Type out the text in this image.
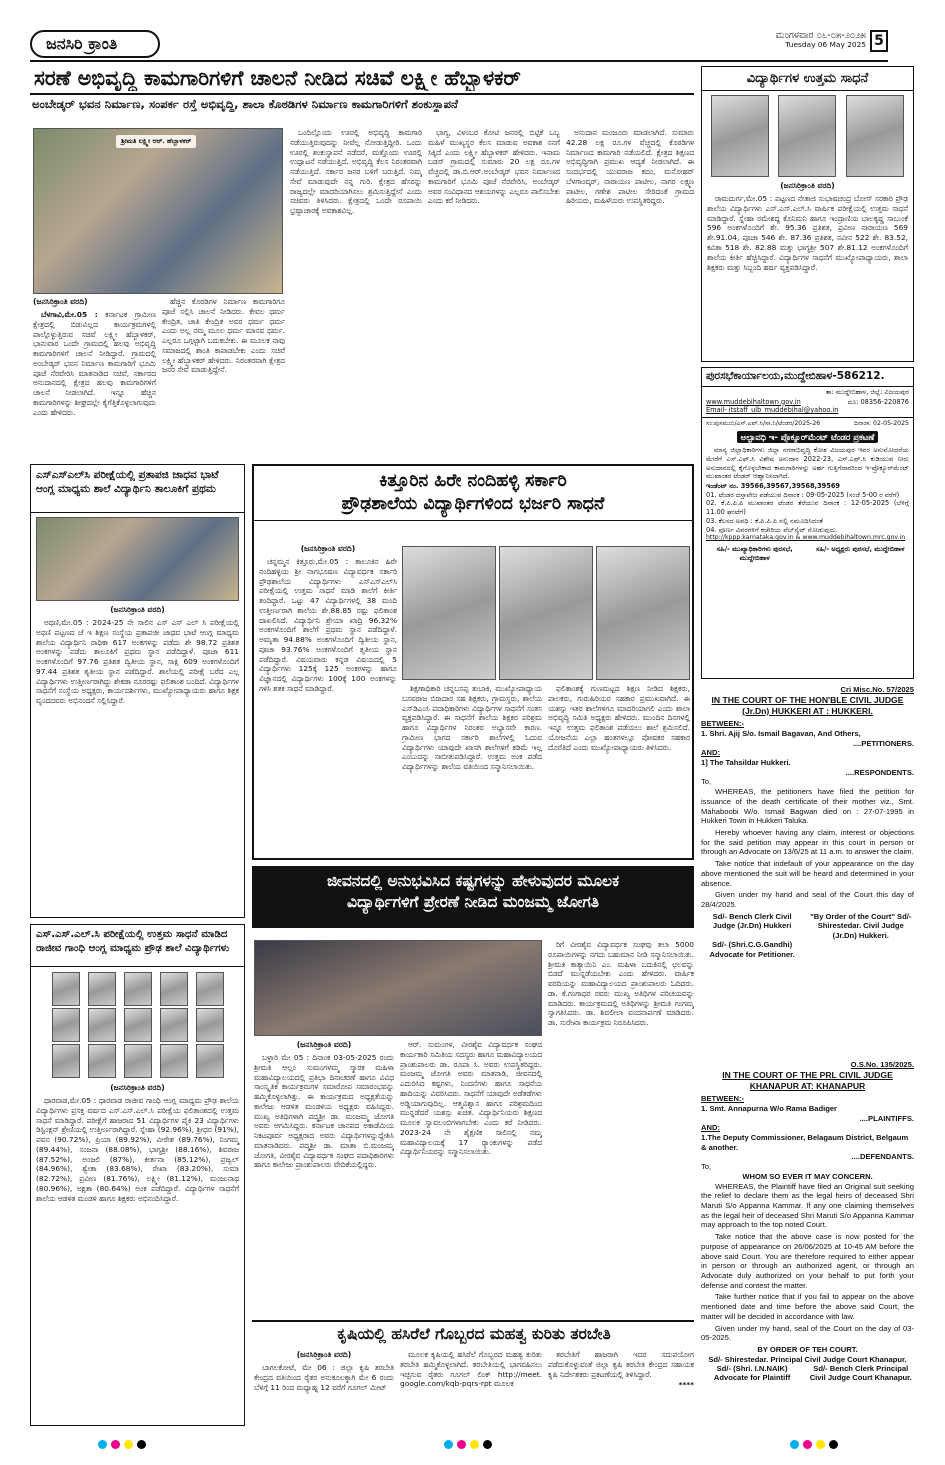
ಜನಸಿರಿ ಕ್ರಾಂತಿ	ಮಂಗಳವಾರ ೦೬-೦೫-೨೦೨೫
Tuesday 06 May 2025 5
ಸರಣೆ ಅಭಿವೃದ್ಧಿ ಕಾಮಗಾರಿಗಳಿಗೆ ಚಾಲನೆ ನೀಡಿದ ಸಚಿವೆ ಲಕ್ಷ್ಮೀ ಹೆಬ್ಬಾಳಕರ್
ಅಂಬೇಡ್ಕರ್ ಭವನ ನಿರ್ಮಾಣ, ಸಂಪರ್ಕ ರಸ್ತೆ ಅಭಿವೃದ್ಧಿ, ಶಾಲಾ ಕೊಠಡಿಗಳ ನಿರ್ಮಾಣ ಕಾಮಗಾರಿಗಳಿಗೆ ಶಂಕುಸ್ಥಾಪನೆ
ಶ್ರೀಮತಿ ಲಕ್ಷ್ಮೀ ಆರ್. ಹೆಬ್ಬಾಳಕರ್
(ಜನಸಿರಿಕ್ರಾಂತಿ ವರದಿ)

ಬೆಳಗಾವಿ,ಮೇ.05 : ಕರ್ನಾಟಕ ಗ್ರಾಮೀಣ ಕ್ಷೇತ್ರದಲ್ಲಿ ಬಿಡುವಿಲ್ಲದ ಕಾರ್ಯಕ್ರಮಗಳಲ್ಲಿ ಪಾಲ್ಗೊಳ್ಳುತ್ತಿರುವ ಸಚಿವೆ ಲಕ್ಷ್ಮೀ ಹೆಬ್ಬಾಳಕರ್, ಭಾನುವಾರ ಒಂದೇ ಗ್ರಾಮದಲ್ಲಿ ಹಲವು ಅಭಿವೃದ್ಧಿ ಕಾಮಗಾರಿಗಳಿಗೆ ಚಾಲನೆ ನೀಡಿದ್ದಾರೆ. ಗ್ರಾಮದಲ್ಲಿ ಅಂಬೇಡ್ಕರ್ ಭವನ ನಿರ್ಮಾಣ ಕಾಮಗಾರಿಗೆ ಭೂಮಿ ಪೂಜೆ ನೆರವೇರಿಸಿ ಮಾತನಾಡಿದ ಸಚಿವೆ, ಸರ್ಕಾರದ ಅನುದಾನದಲ್ಲಿ ಕ್ಷೇತ್ರದ ಹಲವು ಕಾಮಗಾರಿಗಳಿಗೆ ಚಾಲನೆ ನೀಡಲಾಗಿದೆ. ಇನ್ನೂ ಹೆಚ್ಚಿನ ಕಾಮಗಾರಿಗಳನ್ನು ಶೀಘ್ರದಲ್ಲೇ ಕೈಗೆತ್ತಿಕೊಳ್ಳಲಾಗುವುದು ಎಂದು ಹೇಳಿದರು.

ಹೆಚ್ಚಿನ ಕೊಠಡಿಗಳ ನಿರ್ಮಾಣ ಕಾಮಗಾರಿಗೂ ಪೂಜೆ ಸಲ್ಲಿಸಿ ಚಾಲನೆ ನೀಡಿದರು. ಕೇವಲ ಧರ್ಮ ಕೇಂದ್ರಿತ, ಜಾತಿ ಕೇಂದ್ರಿತ ಅವರ ಧರ್ಮ ಧರ್ಮ ಎಂದು ಅಲ್ಲ ನಮ್ಮ ಮೂಲ ಧರ್ಮ ಮಾನವ ಧರ್ಮ. ಎಲ್ಲರೂ ಒಗ್ಗಟ್ಟಾಗಿ ಬದುಕಬೇಕು. ಈ ಮೂಲಕ ನಾವು ಸಮಾಜದಲ್ಲಿ ಶಾಂತಿ ಕಾಪಾಡಬೇಕು ಎಂದು ಸಚಿವೆ ಲಕ್ಷ್ಮೀ ಹೆಬ್ಬಾಳಕರ್ ಹೇಳಿದರು. ನಿರಂತರವಾಗಿ ಕ್ಷೇತ್ರದ ಜನರ ಸೇವೆ ಮಾಡುತ್ತಿದ್ದೇನೆ.

ಒಂದಿಲ್ಲೊಂದು ಊರಲ್ಲಿ ಅಭಿವೃದ್ಧಿ ಕಾಮಗಾರಿ ನಡೆಯುತ್ತಿರುವುದನ್ನು ನೀವೆಲ್ಲ ನೋಡುತ್ತಿದ್ದೀರಿ. ಒಂದು ಊರಲ್ಲಿ ಶಂಕುಸ್ಥಾಪನೆ ನಡೆದರೆ, ಮತ್ತೊಂದು ಊರಲ್ಲಿ ಉದ್ಘಾಟನೆ ನಡೆಯುತ್ತಿದೆ. ಅಭಿವೃದ್ಧಿ ಕೆಲಸ ನಿರಂತರವಾಗಿ ನಡೆಯುತ್ತಿದೆ. ಸರ್ಕಾರ ಜನರ ಬಳಿಗೆ ಬರುತ್ತಿದೆ. ನಿಮ್ಮ ಸೇವೆ ಮಾಡುವುದೇ ನನ್ನ ಗುರಿ. ಕ್ಷೇತ್ರದ ಹೆಸರನ್ನು ರಾಜ್ಯದಲ್ಲೇ ಮಾದರಿಯಾಗಿಸಲು ಶ್ರಮಿಸುತ್ತಿದ್ದೇನೆ ಎಂದು ಸಚಿವರು ತಿಳಿಸಿದರು. ಕ್ಷೇತ್ರದಲ್ಲಿ ಒಂದೇ ರೂಪಾಯಿ ಭ್ರಷ್ಟಾಚಾರಕ್ಕೆ ಅವಕಾಶವಿಲ್ಲ.

ಭಾಗ್ಯ, ವಿಳಂಬರ ಕೋಟಿ ಜನರಲ್ಲಿ ಬಿಟ್ಟಿಕೆ ಒಬ್ಬ ಮಹಿಳೆ ಮುಖ್ಯಸ್ಥರ ಕೆಲಸ ಮಾಡುವ ಅವಕಾಶ ನನಗೆ ಸಿಕ್ಕಿದೆ ಎಂದು ಲಕ್ಷ್ಮೀ ಹೆಬ್ಬಾಳಕರ್ ಹೇಳಿದರು. ಇನಾಮ ಬಡಸ್ ಗ್ರಾಮದಲ್ಲಿ ಸುಮಾರು 20 ಲಕ್ಷ ರೂ.ಗಳ ವೆಚ್ಚದಲ್ಲಿ ಡಾ.ಬಿ.ಆರ್.ಅಂಬೇಡ್ಕರ್ ಭವನ ನಿರ್ಮಾಣದ ಕಾಮಗಾರಿಗೆ ಭೂಮಿ ಪೂಜೆ ನೆರವೇರಿಸಿ, ಅಂಬೇಡ್ಕರ್ ಅವರ ಸಂವಿಧಾನದ ಆಶಯಗಳನ್ನು ಎಲ್ಲರೂ ಪಾಲಿಸಬೇಕು ಎಂದು ಕರೆ ನೀಡಿದರು.

ಅನುದಾನ ಮಂಜೂರು ಮಾಡಲಾಗಿದೆ. ಸುಮಾರು 42.28 ಲಕ್ಷ ರೂ.ಗಳ ವೆಚ್ಚದಲ್ಲಿ ಕೊಠಡಿಗಳ ನಿರ್ಮಾಣದ ಕಾಮಗಾರಿ ನಡೆಯಲಿದೆ. ಕ್ಷೇತ್ರದ ಶಿಕ್ಷಣದ ಅಭಿವೃದ್ಧಿಗಾಗಿ ಪ್ರಮುಖ ಆದ್ಯತೆ ನೀಡಲಾಗಿದೆ. ಈ ಸಂದರ್ಭದಲ್ಲಿ ಯುವರಾಜ ಕದಂ, ಮನೋಹರ್ ಬೆಳಗಾಂವ್ಕರ್, ನಾರಾಯಣ ಪಾಟೀಲ, ನಾಗರ ಲಕ್ಷ್ಮಣ ಪಾಟೀಲ, ಗಣೇಶ ಪಾಟೀಲ ಸೇರಿದಂತೆ ಗ್ರಾಮದ ಹಿರಿಯರು, ಮಹಿಳೆಯರು ಉಪಸ್ಥಿತರಿದ್ದರು.

ವಿದ್ಯಾರ್ಥಿಗಳ ಉತ್ತಮ ಸಾಧನೆ
(ಜನಸಿರಿಕ್ರಾಂತಿ ವರದಿ)

ರಾಮದುರ್ಗ,ಮೇ.05 : ಪಟ್ಟಣದ ನೇತಾಜಿ ಸುಭಾಷಚಂದ್ರ ಬೋಸ್ ಸರಕಾರಿ ಪ್ರೌಢ ಶಾಲೆಯ ವಿದ್ಯಾರ್ಥಿಗಳು ಎಸ್.ಎಸ್.ಎಲ್.ಸಿ ವಾರ್ಷಿಕ ಪರೀಕ್ಷೆಯಲ್ಲಿ ಉತ್ತಮ ಸಾಧನೆ ಮಾಡಿದ್ದಾರೆ. ಸ್ನೇಹಾ ರಮೇಶದ್ದ ಕೊನಿಮನಿ ಹಾಗೂ ಇಂದ್ರಾಣಿಯ ಬಾಲಕೃಷ್ಣ ಸಾಬುಂಕೆ 596 ಅಂಕಗಳೊಂದಿಗೆ ಶೇ. 95.36 ಪ್ರತಿಶತ, ಪ್ರವೀಣ ನಾರಾಯಣ 569 ಶೇ.91.04, ಪೂಜಾ 546 ಶೇ. 87.36 ಪ್ರತಿಶತ, ನವೀನ 522 ಶೇ. 83.52, ಕವಿತಾ 518 ಶೇ. 82.88 ಮತ್ತು ಭಾಗ್ಯಶ್ರೀ 507 ಶೇ.81.12 ಅಂಕಗಳೊಂದಿಗೆ ಶಾಲೆಯ ಕೀರ್ತಿ ಹೆಚ್ಚಿಸಿದ್ದಾರೆ. ವಿದ್ಯಾರ್ಥಿಗಳ ಸಾಧನೆಗೆ ಮುಖ್ಯೋಪಾಧ್ಯಾಯರು, ಶಾಲಾ ಶಿಕ್ಷಕರು ಮತ್ತು ಸಿಬ್ಬಂದಿ ಹರ್ಷ ವ್ಯಕ್ತಪಡಿಸಿದ್ದಾರೆ.

ಪುರಸಭೆಕಾರ್ಯಾಲಯ,ಮುದ್ದೇಬಿಹಾಳ-586212.
ತಾ: ಮುದ್ದೇಬಿಹಾಳ, ಜಿಲ್ಲೆ: ವಿಜಯಪುರ
www.muddebihaltown.gov.in	ದೂ: 08356-220876
Email- itstaff_ulb_muddebihal@yahoo.in
ಸಂ:ಪುಸಮುಬಿ/ಎಸ್.ಎಪ್.ಸಿ/ಸಾ.ನಿ/ಟೆಂಡರ/2025-26	ದಿನಾಂಕ: 02-05-2025
ಅಲ್ಪಾವಧಿ ಇ- ಪ್ರೊಕ್ಯೂರ್‌ಮೆಂಟ್ ಟೆಂಡರ ಪ್ರಕಟಣೆ

ಮಾನ್ಯ ಜಿಲ್ಲಾಧಿಕಾರಿಗಳು ಜಿಲ್ಲಾ ನಗರಾಭಿವೃದ್ಧಿ ಕೋಶ ವಿಜಯಪುರ ಇವರ ಅನುಮೋದನೆಯ ಮೇರೆಗೆ ಎಸ್.ಎಫ್.ಸಿ ವಿಶೇಷ ಅನುದಾನ 2022-23, ಎಸ್.ಎಫ್.ಸಿ ಕುಡಿಯುವ ನೀರು ಅನುದಾನದಲ್ಲಿ ಕೈಗೊಳ್ಳಬೇಕಾದ ಕಾಮಗಾರಿಗಳನ್ನು ಅರ್ಹ ಗುತ್ತಿಗೆದಾರರಿಂದ ಇ-ಪ್ರೊಕ್ಯೂರ್‌ಮೆಂಟ್ ಮುಖಾಂತರ ಟೆಂಡರ್ ಆಹ್ವಾನಿಸಲಾಗಿದೆ.

ಇಂಡೆಂಟ್ ನಂ. 39566,39567,39568,39569
01. ಟೆಂಡರ ದಸ್ತಾವೇಜ ಪಡೆಯುವ ದಿನಾಂಕ : 09-05-2025 (ಸಂಜೆ 5-00 ರ ವರೆಗೆ)
02. ಕೆ.ಪಿ.ಪಿ.ಪಿ ಮುಖಾಂತರ ಟೆಂಡರ ತೆರೆಯುವ ದಿನಾಂಕ : 12-05-2025 (ಬೆಳಿಗ್ಗೆ 11.00 ಘಂಟೆಗೆ)
03. ಕೆಲಸದ ಅವಧಿ : ಕೆ.ಪಿ.ಪಿ.ಪಿ ನಲ್ಲಿ ನಮೂದಿಸಿದಂತೆ
04. ಪೂರ್ಣ ವಿವರಗಳಿಗೆ ಕಚೇರಿಯ ವೆಬ್‌ಸೈಟ್ ನೋಡುವುದು.
http://kppp.karnataka.gov.in & www.muddebihaltown.mrc.gov.in
ಸಹಿ/- ಮುಖ್ಯಾಧಿಕಾರಿಗಳು ಪುರಸಭೆ, ಮುದ್ದೇಬಿಹಾಳ
ಸಹಿ/- ಅಧ್ಯಕ್ಷರು ಪುರಸಭೆ, ಮುದ್ದೇಬಿಹಾಳ
ಎಸ್‌ಎಸ್‌ಎಲ್‌ಸಿ ಪರೀಕ್ಷೆಯಲ್ಲಿ ಪ್ರತಾಪಜಿ ಜಾಧವ ಭಾಟೆ ಆಂಗ್ಲ ಮಾಧ್ಯಮ ಶಾಲೆ ವಿದ್ಯಾರ್ಥಿನಿ ತಾಲೂಕಿಗೆ ಪ್ರಥಮ
(ಜನಸಿರಿಕ್ರಾಂತಿ ವರದಿ)

ಅಥಣಿ,ಮೇ.05 : 2024-25 ನೇ ಸಾಲಿನ ಎಸ್ ಎಸ್ ಎಲ್ ಸಿ ಪರೀಕ್ಷೆಯಲ್ಲಿ ಅಥಣಿ ಪಟ್ಟಣದ ಜೆ ಇ ಶಿಕ್ಷಣ ಸಂಸ್ಥೆಯ ಪ್ರತಾಪಜೀ ಜಾಧವ ಭಾಟೆ ಆಂಗ್ಲ ಮಾಧ್ಯಮ ಶಾಲೆಯ ವಿದ್ಯಾರ್ಥಿನಿ ರಾಧಿಕಾ 617 ಅಂಕಗಳನ್ನು ಪಡೆದು ಶೇ 98.72 ಪ್ರತಿಶತ ಅಂಕಗಳನ್ನು ಪಡೆದು ತಾಲೂಕಿಗೆ ಪ್ರಥಮ ಸ್ಥಾನ ಪಡೆದಿದ್ದಾಳೆ. ಪೂಜಾ 611 ಅಂಕಗಳೊಂದಿಗೆ 97.76 ಪ್ರತಿಶತ ದ್ವಿತೀಯ ಸ್ಥಾನ, ಸಾಕ್ಷಿ 609 ಅಂಕಗಳೊಂದಿಗೆ 97.44 ಪ್ರತಿಶತ ತೃತೀಯ ಸ್ಥಾನ ಪಡೆದಿದ್ದಾರೆ. ಶಾಲೆಯಲ್ಲಿ ಪರೀಕ್ಷೆ ಬರೆದ ಎಲ್ಲ ವಿದ್ಯಾರ್ಥಿಗಳು ಉತ್ತೀರ್ಣರಾಗಿದ್ದು ಶೇಕಡಾ ನೂರರಷ್ಟು ಫಲಿತಾಂಶ ಬಂದಿದೆ. ವಿದ್ಯಾರ್ಥಿಗಳ ಸಾಧನೆಗೆ ಸಂಸ್ಥೆಯ ಅಧ್ಯಕ್ಷರು, ಕಾರ್ಯದರ್ಶಿಗಳು, ಮುಖ್ಯೋಪಾಧ್ಯಾಯರು ಹಾಗೂ ಶಿಕ್ಷಕ ವೃಂದದವರು ಅಭಿನಂದನೆ ಸಲ್ಲಿಸಿದ್ದಾರೆ.

ಎಸ್.ಎಸ್.ಎಲ್.ಸಿ ಪರೀಕ್ಷೆಯಲ್ಲಿ ಉತ್ತಮ ಸಾಧನೆ ಮಾಡಿದ ರಾಜೀವ ಗಾಂಧಿ ಆಂಗ್ಲ ಮಾಧ್ಯಮ ಪ್ರೌಢ ಶಾಲೆ ವಿದ್ಯಾರ್ಥಿಗಳು

(ಜನಸಿರಿಕ್ರಾಂತಿ ವರದಿ)

ಧಾರವಾಡ,ಮೇ.05 : ಧಾರವಾಡ ರಾಜೀವ ಗಾಂಧಿ ಆಂಗ್ಲ ಮಾಧ್ಯಮ ಪ್ರೌಢ ಶಾಲೆಯ ವಿದ್ಯಾರ್ಥಿಗಳು ಪ್ರಸಕ್ತ ವರ್ಷದ ಎಸ್.ಎಸ್.ಎಲ್.ಸಿ ಪರೀಕ್ಷೆಯ ಫಲಿತಾಂಶದಲ್ಲಿ ಉತ್ತಮ ಸಾಧನೆ ಮಾಡಿದ್ದಾರೆ. ಪರೀಕ್ಷೆಗೆ ಹಾಜರಾದ 51 ವಿದ್ಯಾರ್ಥಿಗಳ ಪೈಕಿ 23 ವಿದ್ಯಾರ್ಥಿಗಳು ಡಿಸ್ಟಿಂಕ್ಷನ್ ಶ್ರೇಣಿಯಲ್ಲಿ ಉತ್ತೀರ್ಣರಾಗಿದ್ದಾರೆ. ಸ್ನೇಹಾ (92.96%), ಶ್ರೀಧರ (91%), ಪವನ (90.72%), ಪ್ರಿಯಾ (89.92%), ವೀರೇಶ (89.76%), ನಿಂಗಮ್ಮ (89.44%), ಸಂಜನಾ (88.08%), ಭಾಗ್ಯಶ್ರೀ (88.16%), ಶಿವರಾಜ (87.52%), ಅಂಜಲಿ (87%), ಕೀರ್ತನಾ (85.12%), ಪ್ರಜ್ವಲ್ (84.96%), ಶ್ವೇತಾ (83.68%), ರೇಖಾ (83.20%), ಸುಮಾ (82.72%), ಪ್ರವೀಣ (81.76%), ಲಕ್ಷ್ಮೀ (81.12%), ಮಂಜುನಾಥ (80.96%), ಅಕ್ಷತಾ (80.64%) ಅಂಕ ಪಡೆದಿದ್ದಾರೆ. ವಿದ್ಯಾರ್ಥಿಗಳ ಸಾಧನೆಗೆ ಶಾಲೆಯ ಆಡಳಿತ ಮಂಡಳಿ ಹಾಗೂ ಶಿಕ್ಷಕರು ಅಭಿನಂದಿಸಿದ್ದಾರೆ.

ಕಿತ್ತೂರಿನ ಹಿರೇ ನಂದಿಹಳ್ಳಿ ಸರ್ಕಾರಿ
ಪ್ರೌಢಶಾಲೆಯ ವಿದ್ಯಾರ್ಥಿಗಳಿಂದ ಭರ್ಜರಿ ಸಾಧನೆ
(ಜನಸಿರಿಕ್ರಾಂತಿ ವರದಿ)

ಚನ್ನಮ್ಮನ ಕಿತ್ತೂರು,ಮೇ.05 : ತಾಲೂಕಿನ ಹಿರೇ ನಂದಿಹಳ್ಳಿಯ ಶ್ರೀ ನಾಗಭೂಷಣ ವಿದ್ಯಾವರ್ಧಕ ಸರ್ಕಾರಿ ಪ್ರೌಢಶಾಲೆಯ ವಿದ್ಯಾರ್ಥಿಗಳು ಎಸ್ಎಸ್ಎಲ್‌ಸಿ ಪರೀಕ್ಷೆಯಲ್ಲಿ ಉತ್ತಮ ಸಾಧನೆ ಮಾಡಿ ಶಾಲೆಗೆ ಕೀರ್ತಿ ತಂದಿದ್ದಾರೆ. ಒಟ್ಟು 47 ವಿದ್ಯಾರ್ಥಿಗಳಲ್ಲಿ 38 ಮಂದಿ ಉತ್ತೀರ್ಣರಾಗಿ ಶಾಲೆಯ ಶೇ.88.85 ರಷ್ಟು ಫಲಿತಾಂಶ ದಾಖಲಿಸಿದೆ. ವಿದ್ಯಾರ್ಥಿನಿ ಶ್ರೇಯಾ ಖಾದ್ರಿ 96.32% ಅಂಕಗಳೊಂದಿಗೆ ಶಾಲೆಗೆ ಪ್ರಥಮ ಸ್ಥಾನ ಪಡೆದಿದ್ದಾಳೆ. ಅಮೃತಾ 94.88% ಅಂಕಗಳೊಂದಿಗೆ ದ್ವಿತೀಯ ಸ್ಥಾನ, ಪೂಜಾ 93.76% ಅಂಕಗಳೊಂದಿಗೆ ತೃತೀಯ ಸ್ಥಾನ ಪಡೆದಿದ್ದಾರೆ. ವಿಷಯವಾರು ಕನ್ನಡ ವಿಷಯದಲ್ಲಿ 5 ವಿದ್ಯಾರ್ಥಿಗಳು 125ಕ್ಕೆ 125 ಅಂಕಗಳನ್ನು ಹಾಗೂ ವಿಜ್ಞಾನದಲ್ಲಿ ವಿದ್ಯಾರ್ಥಿಗಳು 100ಕ್ಕೆ 100 ಅಂಕಗಳನ್ನು ಗಳಿಸಿ ಶತಕ ಸಾಧನೆ ಮಾಡಿದ್ದಾರೆ.	ಶಿಕ್ಷಣಾಧಿಕಾರಿ ಚನ್ನಬಸಪ್ಪ ತುಬಾಕಿ, ಮುಖ್ಯೋಪಾಧ್ಯಾಯ ಬಸವರಾಜ ಬಿರಾದಾರ ಸಹ ಶಿಕ್ಷಕರು, ಗ್ರಾಮಸ್ಥರು, ಶಾಲೆಯ ಎಸ್‌ಡಿಎಂಸಿ ಪದಾಧಿಕಾರಿಗಳು ವಿದ್ಯಾರ್ಥಿಗಳ ಸಾಧನೆಗೆ ಸಂತಸ ವ್ಯಕ್ತಪಡಿಸಿದ್ದಾರೆ. ಈ ಸಾಧನೆಗೆ ಶಾಲೆಯ ಶಿಕ್ಷಕರ ಪರಿಶ್ರಮ ಹಾಗೂ ವಿದ್ಯಾರ್ಥಿಗಳ ನಿರಂತರ ಅಭ್ಯಾಸವೇ ಕಾರಣ. ಗ್ರಾಮೀಣ ಭಾಗದ ಸರ್ಕಾರಿ ಶಾಲೆಗಳಲ್ಲಿ ಓದುವ ವಿದ್ಯಾರ್ಥಿಗಳು ಯಾವುದೇ ಖಾಸಗಿ ಶಾಲೆಗಳಿಗೆ ಕಡಿಮೆ ಇಲ್ಲ ಎಂಬುದನ್ನು ಸಾಬೀತುಪಡಿಸಿದ್ದಾರೆ. ಉತ್ತಮ ಅಂಕ ಪಡೆದ ವಿದ್ಯಾರ್ಥಿಗಳನ್ನು ಶಾಲೆಯ ವತಿಯಿಂದ ಸನ್ಮಾನಿಸಲಾಯಿತು.

ಫಲಿತಾಂಶಕ್ಕೆ ಗುಣಮಟ್ಟದ ಶಿಕ್ಷಣ ನೀಡಿದ ಶಿಕ್ಷಕರು, ಪಾಲಕರು, ಗುರುಹಿರಿಯರ ಸಹಕಾರ ಪ್ರಮುಖವಾಗಿದೆ. ಈ ಯಶಸ್ಸು ಇತರ ಶಾಲೆಗಳಿಗೂ ಮಾದರಿಯಾಗಲಿ ಎಂದು ಶಾಲಾ ಅಭಿವೃದ್ಧಿ ಸಮಿತಿ ಅಧ್ಯಕ್ಷರು ಹೇಳಿದರು. ಮುಂದಿನ ದಿನಗಳಲ್ಲಿ ಇನ್ನೂ ಉತ್ತಮ ಫಲಿತಾಂಶ ಪಡೆಯಲು ಶಾಲೆ ಶ್ರಮಿಸಲಿದೆ. ಯೋಜನೆಯ ಎಲ್ಲಾ ಹಂತಗಳಲ್ಲೂ ಪೋಷಕರ ಸಹಕಾರ ದೊರೆತಿದೆ ಎಂದು ಮುಖ್ಯೋಪಾಧ್ಯಾಯರು ತಿಳಿಸಿದರು.

ಜೀವನದಲ್ಲಿ ಅನುಭವಿಸಿದ ಕಷ್ಟಗಳನ್ನು ಹೇಳುವುದರ ಮೂಲಕ
ವಿದ್ಯಾರ್ಥಿಗಳಿಗೆ ಪ್ರೇರಣೆ ನೀಡಿದ ಮಂಜಮ್ಮ ಜೋಗತಿ
(ಜನಸಿರಿಕ್ರಾಂತಿ ವರದಿ)

ಬಳ್ಳಾರಿ ಮೇ 05 : ದಿನಾಂಕ 03-05-2025 ರಂದು ಶ್ರೀಮತಿ ಆಲ್ಲಂ ಸುಮಂಗಳಮ್ಮ ಸ್ಮಾರಕ ಮಹಿಳಾ ಮಹಾವಿದ್ಯಾಲಯದಲ್ಲಿ ಪ್ರತಿಭಾ ದಿನಾಚರಣೆ ಹಾಗೂ ವಿವಿಧ ಸಾಂಸ್ಕೃತಿಕ ಕಾರ್ಯಕ್ರಮಗಳ ಸಮಾರೋಪ ಸಮಾರಂಭವನ್ನು ಹಮ್ಮಿಕೊಳ್ಳಲಾಗಿತ್ತು. ಈ ಕಾರ್ಯಕ್ರಮದ ಅಧ್ಯಕ್ಷತೆಯನ್ನು ಕಾಲೇಜು ಆಡಳಿತ ಮಂಡಳಿಯ ಅಧ್ಯಕ್ಷರು ವಹಿಸಿದ್ದರು. ಮುಖ್ಯ ಅತಿಥಿಗಳಾಗಿ ಪದ್ಮಶ್ರೀ ಡಾ. ಮಂಜಮ್ಮ ಜೋಗತಿ ಅವರು ಆಗಮಿಸಿದ್ದರು. ಕರ್ನಾಟಕ ಜಾನಪದ ಅಕಾಡೆಮಿಯ ನಿಕಟಪೂರ್ವ ಅಧ್ಯಕ್ಷರಾದ ಅವರು ವಿದ್ಯಾರ್ಥಿಗಳನ್ನುದ್ದೇಶಿಸಿ ಮಾತನಾಡಿದರು. ಪದ್ಮಶ್ರೀ ಡಾ. ಮಾತಾ ಬಿ.ಮಂಜಮ್ಮ ಜೋಗತಿ, ವೀರಶೈವ ವಿದ್ಯಾವರ್ಧಕ ಸಂಘದ ಪದಾಧಿಕಾರಿಗಳು ಹಾಗೂ ಕಾಲೇಜು ಪ್ರಾಂಶುಪಾಲರು ವೇದಿಕೆಯಲ್ಲಿದ್ದರು.

ಆರ್. ಸುಮಂಗಳ, ವೀರಶೈವ ವಿದ್ಯಾವರ್ಧಕ ಸಂಘದ ಕಾರ್ಯಕಾರಿ ಸಮಿತಿಯ ಸದಸ್ಯರು ಹಾಗೂ ಮಹಾವಿದ್ಯಾಲಯದ ಪ್ರಾಂಶುಪಾಲರು ಡಾ. ರೂಪಾ ಸಿ. ಅವರು ಉಪಸ್ಥಿತರಿದ್ದರು. ಮಂಜಮ್ಮ ಜೋಗತಿ ಅವರು ಮಾತನಾಡಿ, ಜೀವನದಲ್ಲಿ ಎದುರಿಸಿದ ಕಷ್ಟಗಳು, ನಿಂದನೆಗಳು ಹಾಗೂ ಸಾಧನೆಯ ಹಾದಿಯನ್ನು ವಿವರಿಸಿದರು. ಸಾಧನೆಗೆ ಯಾವುದೇ ಅಡೆತಡೆಗಳು ಅಡ್ಡಿಯಾಗುವುದಿಲ್ಲ. ಆತ್ಮವಿಶ್ವಾಸ ಹಾಗೂ ಪರಿಶ್ರಮದಿಂದ ಮುನ್ನಡೆದರೆ ಯಶಸ್ಸು ಖಚಿತ. ವಿದ್ಯಾರ್ಥಿನಿಯರು ಶಿಕ್ಷಣದ ಮೂಲಕ ಸ್ವಾವಲಂಬಿಗಳಾಗಬೇಕು ಎಂದು ಕರೆ ನೀಡಿದರು. 2023-24 ನೇ ಶೈಕ್ಷಣಿಕ ಸಾಲಿನಲ್ಲಿ ನಮ್ಮ ಮಹಾವಿದ್ಯಾಲಯಕ್ಕೆ 17 ರ್‍ಯಾಂಕುಗಳನ್ನು ಪಡೆದ ವಿದ್ಯಾರ್ಥಿನಿಯರನ್ನು ಸನ್ಮಾನಿಸಲಾಯಿತು.

ರಿಗೆ ವೀರಶೈವ ವಿದ್ಯಾವರ್ಧಕ ಸಂಘವು ತಲಾ 5000 ರೂಪಾಯಿಗಳನ್ನು ನಗದು ಬಹುಮಾನ ನೀಡಿ ಸನ್ಮಾನಿಸಲಾಯಿತು. ಶ್ರೀಮತಿ ಕಾತ್ಯಾಯಿನಿ ಎಂ. ಮಹಿಳಾ ಬದುಕಿನಲ್ಲಿ ಛಲವನ್ನು ಬಿಡದೆ ಮುನ್ನಡೆಯಬೇಕು ಎಂದು ಹೇಳಿದರು. ವಾರ್ಷಿಕ ವರದಿಯನ್ನು ಮಹಾವಿದ್ಯಾಲಯದ ಪ್ರಾಂಶುಪಾಲರು ಓದಿದರು. ಡಾ. ಕೆ.ಗಂಗಾಧರ ರವರು ಮುಖ್ಯ ಅತಿಥಿಗಳ ಪರಿಚಯವನ್ನು ಮಾಡಿದರು. ಕಾರ್ಯಕ್ರಮದಲ್ಲಿ ಅತಿಥಿಗಳನ್ನು ಶ್ರೀಮತಿ ಗಂಗಮ್ಮ ಸ್ವಾಗತಿಸಿದರು. ಡಾ. ಶಿವಲೀಲಾ ವಂದನಾರ್ಪಣೆ ಮಾಡಿದರು. ಡಾ. ಸುರೇಖಾ ಕಾರ್ಯಕ್ರಮ ನಿರೂಪಿಸಿದರು.

ಕೃಷಿಯಲ್ಲಿ ಹಸಿರೆಲೆ ಗೊಬ್ಬರದ ಮಹತ್ವ ಕುರಿತು ತರಬೇತಿ
(ಜನಸಿರಿಕ್ರಾಂತಿ ವರದಿ)

ಬಾಗಲಕೋಟೆ, ಮೇ 06 : ಜಿಲ್ಲಾ ಕೃಷಿ ತರಬೇತಿ ಕೇಂದ್ರದ ವತಿಯಿಂದ ರೈತರ ಅನುಕೂಲಕ್ಕಾಗಿ ಮೇ 6 ರಂದು ಬೆಳಿಗ್ಗೆ 11 ರಿಂದ ಮಧ್ಯಾಹ್ನ 12 ವರೆಗೆ ಗೂಗಲ್ ಮೀಟ್

ಮೂಲಕ ಕೃಷಿಯಲ್ಲಿ ಹಸಿರೆಲೆ ಗೊಬ್ಬರದ ಮಹತ್ವ ಕುರಿತು ತರಬೇತಿ ಹಮ್ಮಿಕೊಳ್ಳಲಾಗಿದೆ. ತರಬೇತಿಯಲ್ಲಿ ಭಾಗವಹಿಸಲು ಇಚ್ಛಿಸುವ ರೈತರು ಗೂಗಲ್ ಲಿಂಕ್ http://meet. google.com/kqb-pqrs-rpt ಮೂಲಕ

ತರಬೇತಿಗೆ ಹಾಜರಾಗಿ ಇದರ ಸದುಪಯೋಗ ಪಡೆದುಕೊಳ್ಳುವಂತೆ ಜಿಲ್ಲಾ ಕೃಷಿ ತರಬೇತಿ ಕೇಂದ್ರದ ಸಹಾಯಕ ಕೃಷಿ ನಿರ್ದೇಶಕರು ಪ್ರಕಟಣೆಯಲ್ಲಿ ತಿಳಿಸಿದ್ದಾರೆ.

****
Cri Misc.No. 57/2025
IN THE COURT OF THE HON'BLE CIVIL JUDGE (Jr.Dn) HUKKERI AT : HUKKERI.
BETWEEN:-
1. Shri. Ajij S/o. Ismail Bagavan, And Others,
....PETITIONERS.
AND:
1] The Tahsildar Hukkeri.
....RESPONDENTS.
To,

WHEREAS, the petitioners have filed the petition for issuance of the death certificate of their mother viz., Smt. Mahaboobi W/o. Ismail Bagwan died on : 27-07-1995 in Hukkeri Town in Hukkeri Taluka.

Hereby whoever having any claim, interest or objections for the said petition may appear in this court in person or through an Advocate on 13/6/25 at 11 a.m. to answer the claim.

Take notice that indefault of your appearance on the day above mentioned the suit will be heard and determined in your absence.

Given under my hand and seal of the Court this day of 28/4/2025.

Sd/- Bench Clerk Civil Judge (Jr.Dn) Hukkeri
"By Order of the Court" Sd/- Shirestedar. Civil Judge (Jr.Dn) Hukkeri.
Sd/- (Shri.C.G.Gandhi) Advocate for Petitioner.
O.S.No. 135/2025.
IN THE COURT OF THE PRL CIVIL JUDGE KHANAPUR AT: KHANAPUR
BETWEEN:-
1. Smt. Annapurna W/o Rama Badiger
....PLAINTIFFS.
AND:
1.The Deputy Commissioner, Belagaum District, Belgaum & another.
....DEFENDANTS.
To,
WHOM SO EVER IT MAY CONCERN.

WHEREAS, the Plaintiff have filed an Original suit seeking the relief to declare them as the legal heirs of deceased Shri Maruti S/o Appanna Kammar. If any one claiming themselves as the legal heir of deceased Shri Maruti S/o Appanna Kammar may approach to the top noted Court.

Take notice that the above case is now posted for the purpose of appearance on 26/06/2025 at 10-45 AM before the above said Court. You are therefore required to either appear in person or through an authorized agent, or through an Advocate duly authorized on your behalf to put forth your defense and contest the matter.

Take further notice that if you fail to appear on the above mentioned date and time before the above said Court, the matter will be decided in accordance with law.

Given under my hand, seal of the Court on the day of 03-05-2025.

BY ORDER OF TEH COURT.
Sd/- Shirestedar. Principal Civil Judge Court Khanapur.
Sd/- (Shri. I.N.NAIK) Advocate for Plaintiff
Sd/- Bench Clerk Principal Civil Judge Court Khanapur.
